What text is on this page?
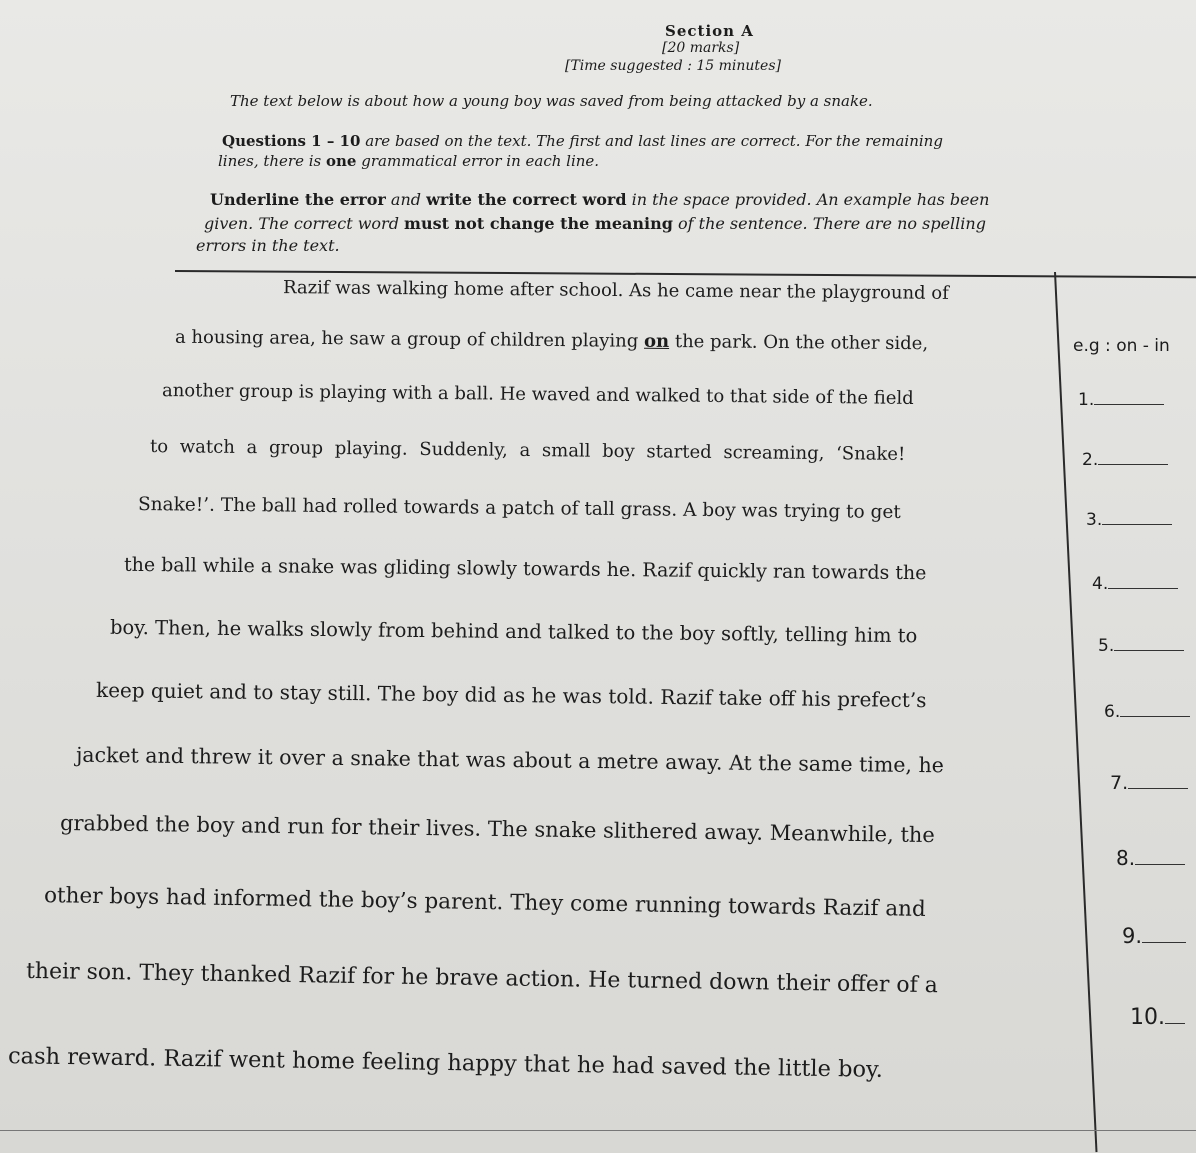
Section A
[20 marks]
[Time suggested : 15 minutes]
The text below is about how a young boy was saved from being attacked by a snake.
Questions 1 – 10 are based on the text. The first and last lines are correct. For the remaining
lines, there is one grammatical error in each line.
Underline the error and write the correct word in the space provided. An example has been
given. The correct word must not change the meaning of the sentence. There are no spelling
errors in the text.
Razif was walking home after school. As he came near the playground of
a housing area, he saw a group of children playing on the park. On the other side,
another group is playing with a ball. He waved and walked to that side of the field
to watch a group playing. Suddenly, a small boy started screaming, ‘Snake!
Snake!’. The ball had rolled towards a patch of tall grass. A boy was trying to get
the ball while a snake was gliding slowly towards he. Razif quickly ran towards the
boy. Then, he walks slowly from behind and talked to the boy softly, telling him to
keep quiet and to stay still. The boy did as he was told. Razif take off his prefect’s
jacket and threw it over a snake that was about a metre away. At the same time, he
grabbed the boy and run for their lives. The snake slithered away. Meanwhile, the
other boys had informed the boy’s parent. They come running towards Razif and
their son. They thanked Razif for he brave action. He turned down their offer of a
cash reward. Razif went home feeling happy that he had saved the little boy.
e.g : on - in
1.
2.
3.
4.
5.
6.
7.
8.
9.
10.
